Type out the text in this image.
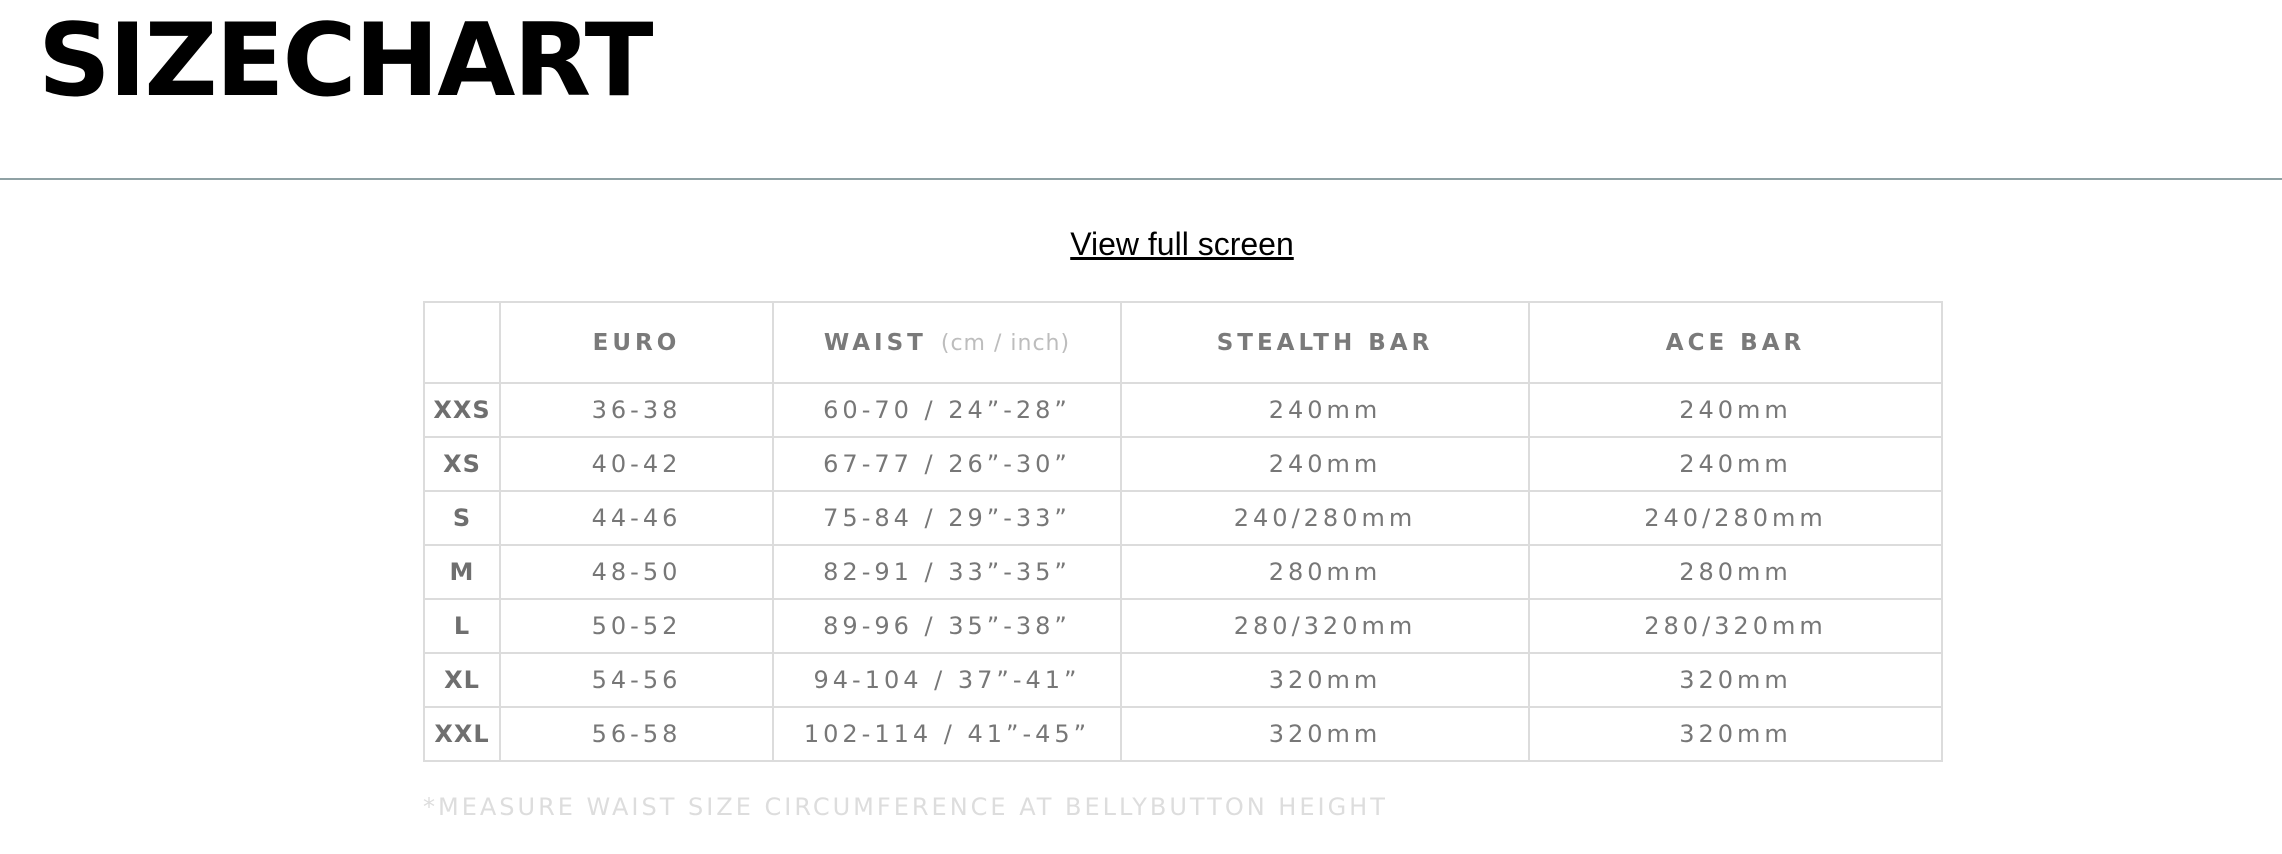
SIZECHART
View full screen
	EURO	WAIST (cm / inch)	STEALTH BAR	ACE BAR
XXS	36-38	60-70 / 24”-28”	240mm	240mm
XS	40-42	67-77 / 26”-30”	240mm	240mm
S	44-46	75-84 / 29”-33”	240/280mm	240/280mm
M	48-50	82-91 / 33”-35”	280mm	280mm
L	50-52	89-96 / 35”-38”	280/320mm	280/320mm
XL	54-56	94-104 / 37”-41”	320mm	320mm
XXL	56-58	102-114 / 41”-45”	320mm	320mm
*MEASURE WAIST SIZE CIRCUMFERENCE AT BELLYBUTTON HEIGHT
